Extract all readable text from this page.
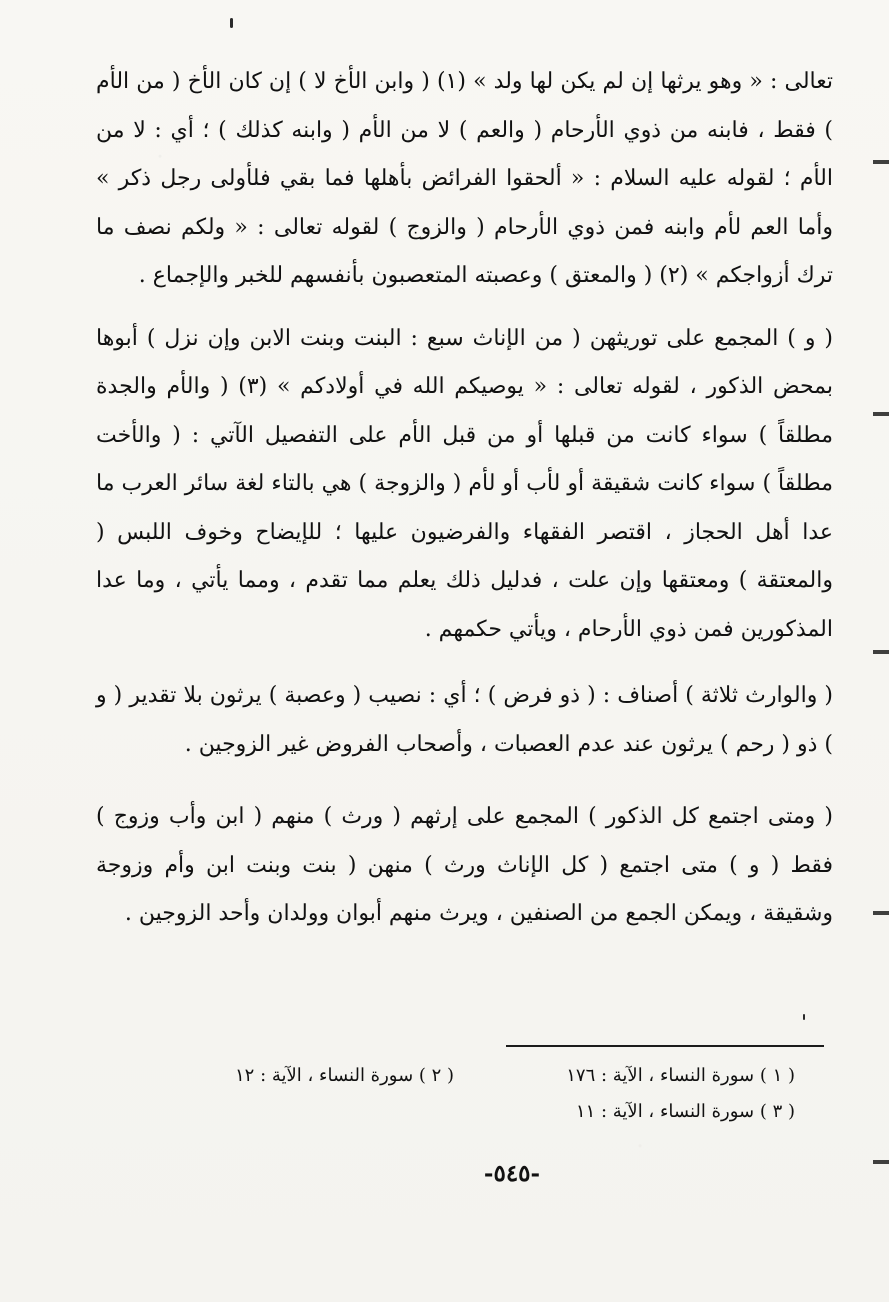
تعالى : « وهو يرثها إن لم يكن لها ولد » (١) ( وابن الأخ لا ) إن كان الأخ ( من الأم ) فقط ، فابنه من ذوي الأرحام ( والعم ) لا من الأم ( وابنه كذلك ) ؛ أي : لا من الأم ؛ لقوله عليه السلام : « ألحقوا الفرائض بأهلها فما بقي فلأولى رجل ذكر » وأما العم لأم وابنه فمن ذوي الأرحام ( والزوج ) لقوله تعالى : « ولكم نصف ما ترك أزواجكم » (٢) ( والمعتق ) وعصبته المتعصبون بأنفسهم للخبر والإجماع .

( و ) المجمع على توريثهن ( من الإناث سبع : البنت وبنت الابن وإن نزل ) أبوها بمحض الذكور ، لقوله تعالى : « يوصيكم الله في أولادكم » (٣) ( والأم والجدة مطلقاً ) سواء كانت من قبلها أو من قبل الأم على التفصيل الآتي : ( والأخت مطلقاً ) سواء كانت شقيقة أو لأب أو لأم ( والزوجة ) هي بالتاء لغة سائر العرب ما عدا أهل الحجاز ، اقتصر الفقهاء والفرضيون عليها ؛ للإيضاح وخوف اللبس ( والمعتقة ) ومعتقها وإن علت ، فدليل ذلك يعلم مما تقدم ، ومما يأتي ، وما عدا المذكورين فمن ذوي الأرحام ، ويأتي حكمهم .

( والوارث ثلاثة ) أصناف : ( ذو فرض ) ؛ أي : نصيب ( وعصبة ) يرثون بلا تقدير ( و ) ذو ( رحم ) يرثون عند عدم العصبات ، وأصحاب الفروض غير الزوجين .

( ومتى اجتمع كل الذكور ) المجمع على إرثهم ( ورث ) منهم ( ابن وأب وزوج ) فقط ( و ) متى اجتمع ( كل الإناث ورث ) منهن ( بنت وبنت ابن وأم وزوجة وشقيقة ، ويمكن الجمع من الصنفين ، ويرث منهم أبوان وولدان وأحد الزوجين .

( ١ ) سورة النساء ، الآية : ١٧٦
( ٢ ) سورة النساء ، الآية : ١٢
( ٣ ) سورة النساء ، الآية : ١١
-٥٤٥-
